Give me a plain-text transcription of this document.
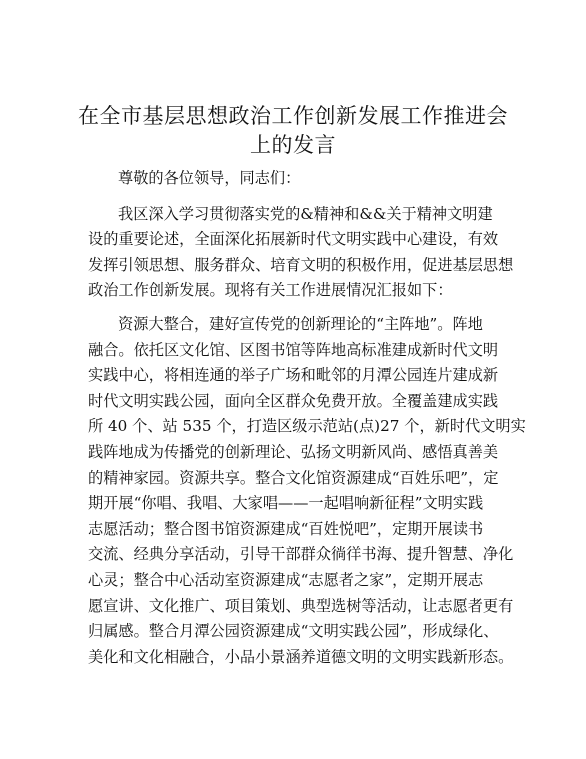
在全市基层思想政治工作创新发展工作推进会
上的发言

尊敬的各位领导，同志们：

我区深入学习贯彻落实党的&精神和&&关于精神文明建
设的重要论述，全面深化拓展新时代文明实践中心建设，有效
发挥引领思想、服务群众、培育文明的积极作用，促进基层思想
政治工作创新发展。现将有关工作进展情况汇报如下：
资源大整合，建好宣传党的创新理论的“主阵地”。阵地
融合。依托区文化馆、区图书馆等阵地高标准建成新时代文明
实践中心，将相连通的举子广场和毗邻的月潭公园连片建成新
时代文明实践公园，面向全区群众免费开放。全覆盖建成实践
所 40 个、站 535 个，打造区级示范站(点)27 个，新时代文明实
践阵地成为传播党的创新理论、弘扬文明新风尚、感悟真善美
的精神家园。资源共享。整合文化馆资源建成“百姓乐吧”，定
期开展“你唱、我唱、大家唱——一起唱响新征程”文明实践
志愿活动；整合图书馆资源建成“百姓悦吧”，定期开展读书
交流、经典分享活动，引导干部群众徜徉书海、提升智慧、净化
心灵；整合中心活动室资源建成“志愿者之家”，定期开展志
愿宣讲、文化推广、项目策划、典型选树等活动，让志愿者更有
归属感。整合月潭公园资源建成“文明实践公园”，形成绿化、
美化和文化相融合，小品小景涵养道德文明的文明实践新形态。
